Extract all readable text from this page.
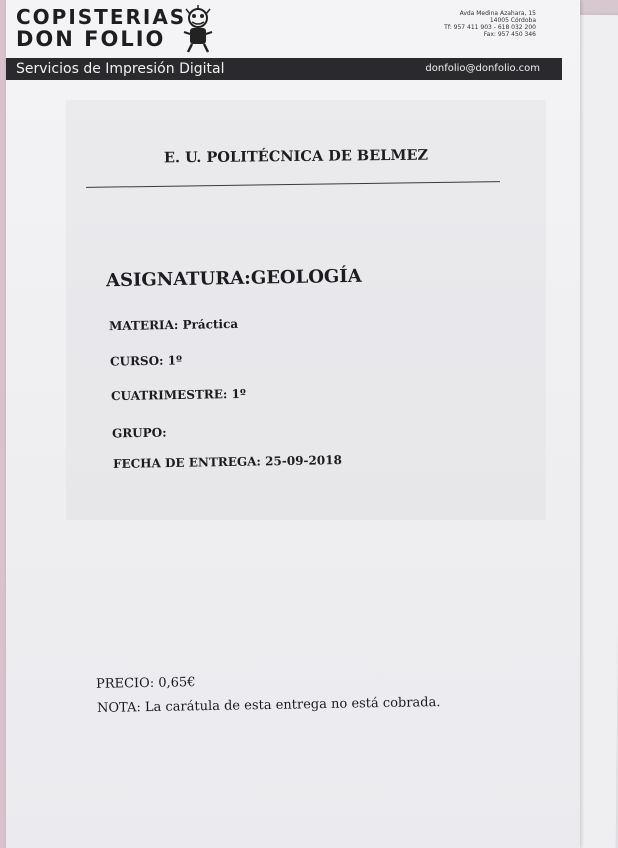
COPISTERIAS
DON FOLIO
Avda Medina Azahara, 15
14005 Córdoba
Tf: 957 411 903 - 618 032 200
Fax: 957 450 346
Servicios de Impresión Digital	donfolio@donfolio.com
E. U. POLITÉCNICA DE BELMEZ
ASIGNATURA:GEOLOGÍA
MATERIA: Práctica
CURSO: 1º
CUATRIMESTRE: 1º
GRUPO:
FECHA DE ENTREGA: 25-09-2018
PRECIO: 0,65€
NOTA: La carátula de esta entrega no está cobrada.
